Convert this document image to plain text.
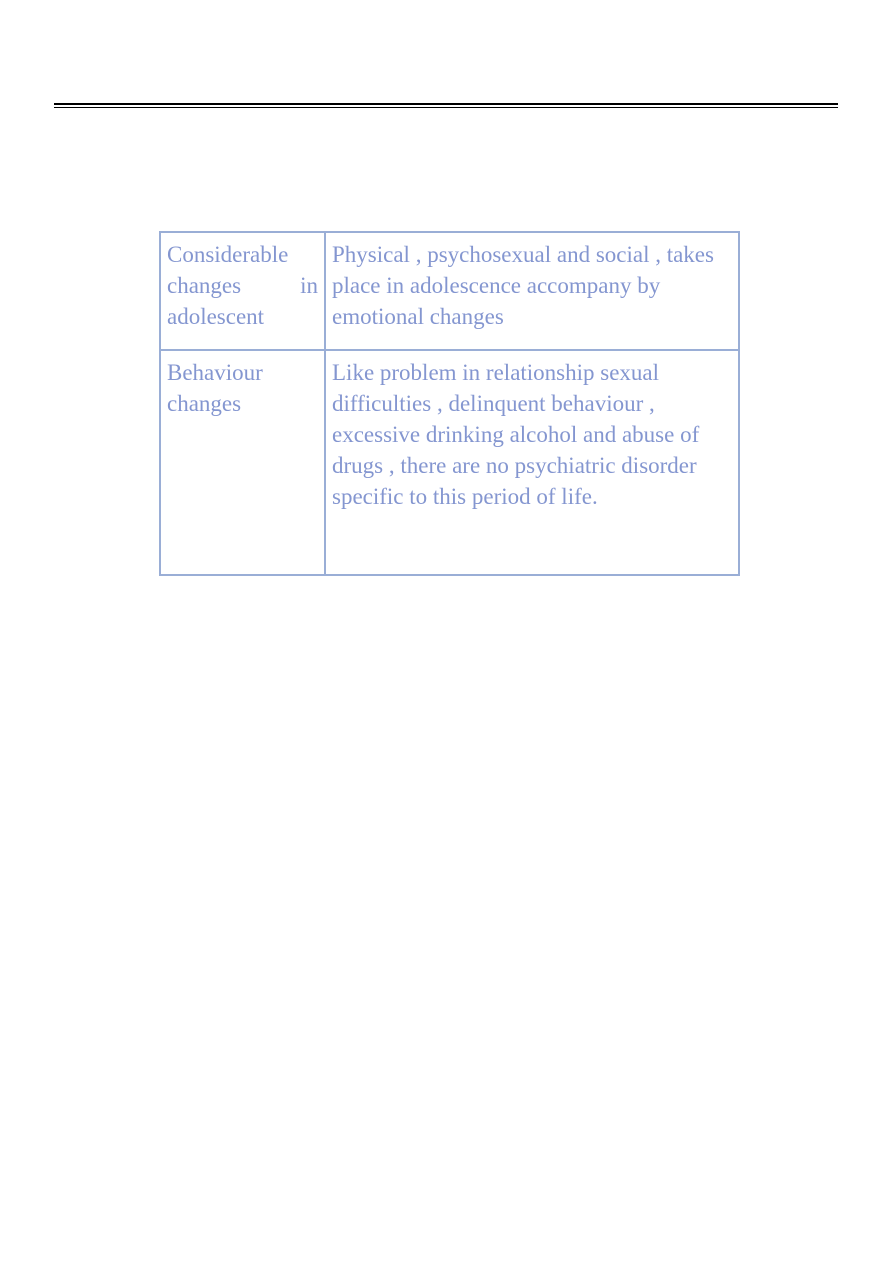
Considerable
changes in
adolescent	Physical , psychosexual and social , takes place in adolescence accompany by emotional changes

Behaviour
changes	Like problem in relationship sexual difficulties , delinquent behaviour , excessive drinking alcohol and abuse of drugs , there are no psychiatric disorder specific to this period of life.
